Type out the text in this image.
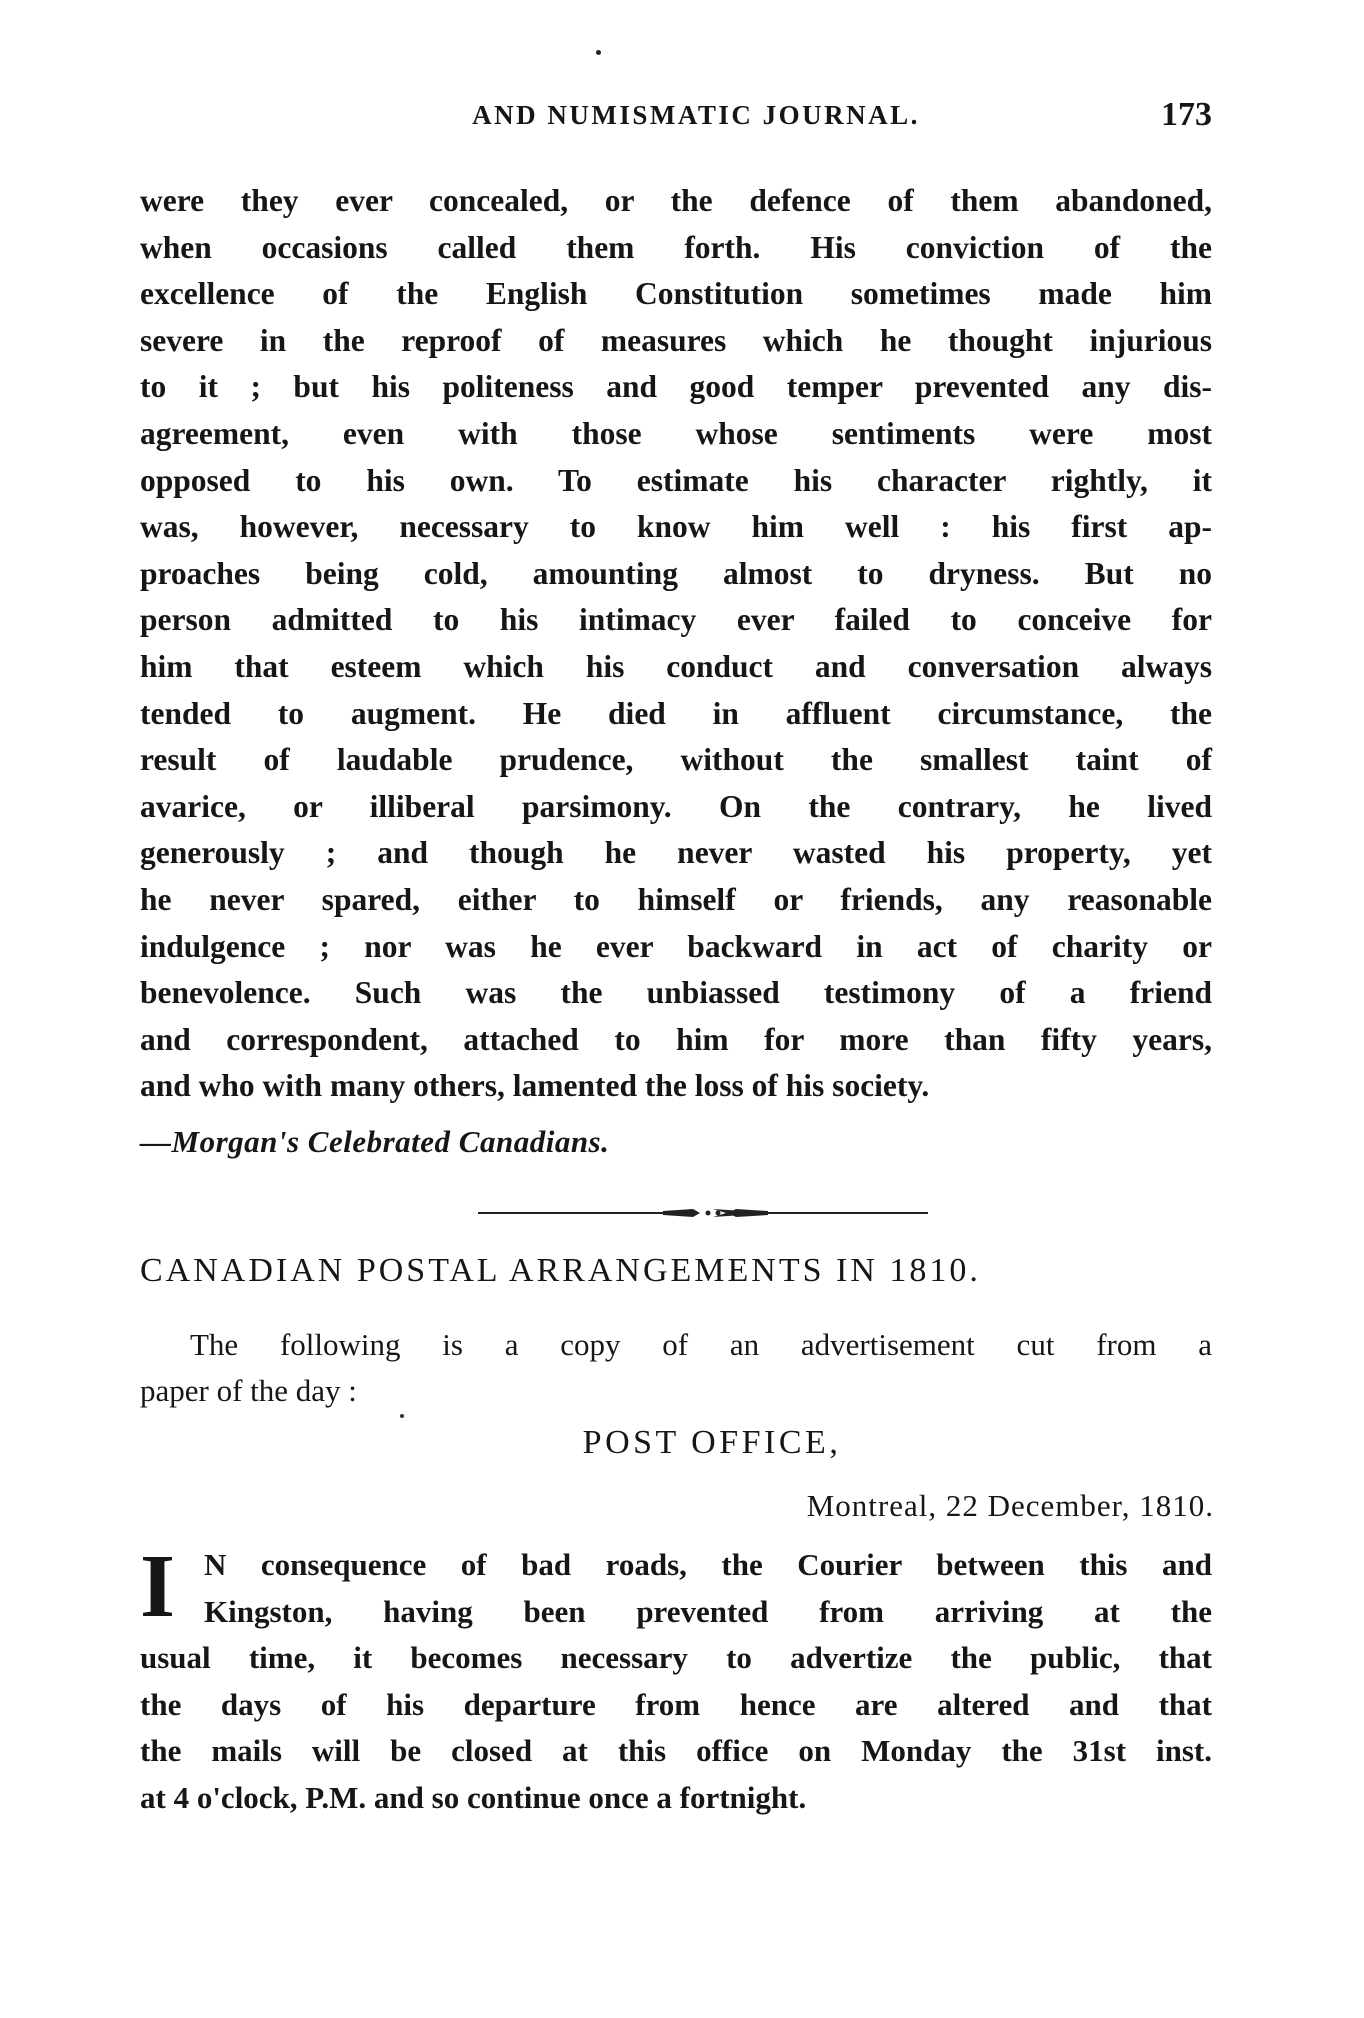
AND NUMISMATIC JOURNAL.	173
were they ever concealed, or the defence of them abandoned,
when occasions called them forth. His conviction of the
excellence of the English Constitution sometimes made him
severe in the reproof of measures which he thought injurious
to it ; but his politeness and good temper prevented any dis-
agreement, even with those whose sentiments were most
opposed to his own. To estimate his character rightly, it
was, however, necessary to know him well : his first ap-
proaches being cold, amounting almost to dryness. But no
person admitted to his intimacy ever failed to conceive for
him that esteem which his conduct and conversation always
tended to augment. He died in affluent circumstance, the
result of laudable prudence, without the smallest taint of
avarice, or illiberal parsimony. On the contrary, he lived
generously ; and though he never wasted his property, yet
he never spared, either to himself or friends, any reasonable
indulgence ; nor was he ever backward in act of charity or
benevolence. Such was the unbiassed testimony of a friend
and correspondent, attached to him for more than fifty years,
and who with many others, lamented the loss of his society.
—Morgan's Celebrated Canadians.
CANADIAN POSTAL ARRANGEMENTS IN 1810.
The following is a copy of an advertisement cut from a
paper of the day :
POST OFFICE,
Montreal, 22 December, 1810.
I N consequence of bad roads, the Courier between this and
Kingston, having been prevented from arriving at the
usual time, it becomes necessary to advertize the public, that
the days of his departure from hence are altered and that
the mails will be closed at this office on Monday the 31st inst.
at 4 o'clock, P.M. and so continue once a fortnight.
